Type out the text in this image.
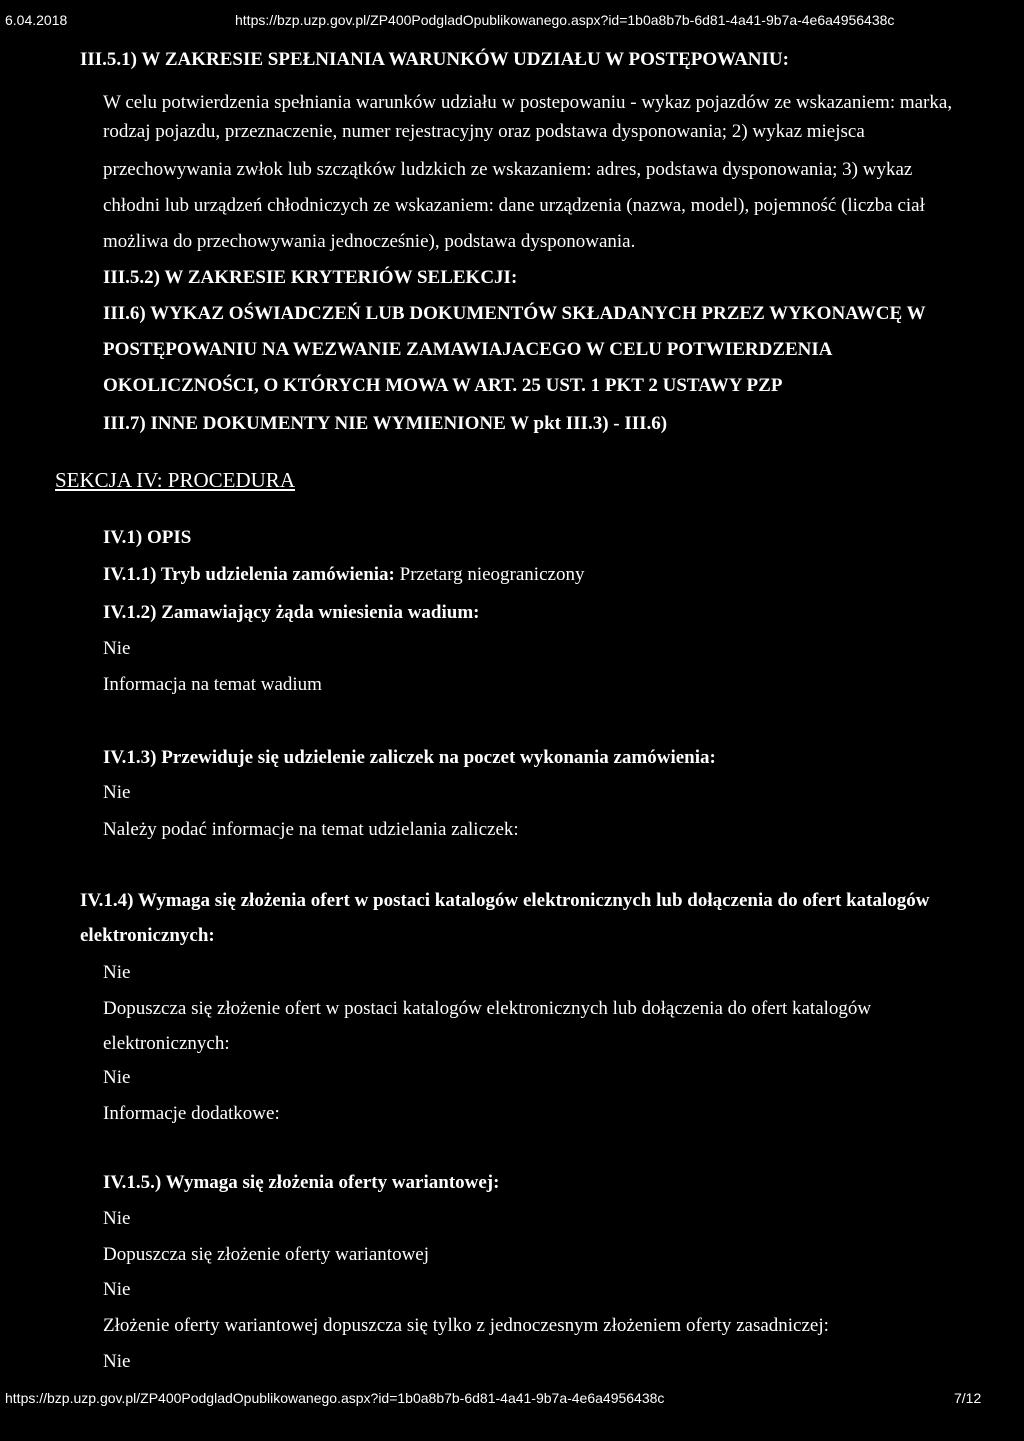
6.04.2018	https://bzp.uzp.gov.pl/ZP400PodgladOpublikowanego.aspx?id=1b0a8b7b-6d81-4a41-9b7a-4e6a4956438c
III.5.1) W ZAKRESIE SPEŁNIANIA WARUNKÓW UDZIAŁU W POSTĘPOWANIU:
W celu potwierdzenia spełniania warunków udziału w postepowaniu - wykaz pojazdów ze wskazaniem: marka,
rodzaj pojazdu, przeznaczenie, numer rejestracyjny oraz podstawa dysponowania; 2) wykaz miejsca
przechowywania zwłok lub szczątków ludzkich ze wskazaniem: adres, podstawa dysponowania; 3) wykaz
chłodni lub urządzeń chłodniczych ze wskazaniem: dane urządzenia (nazwa, model), pojemność (liczba ciał
możliwa do przechowywania jednocześnie), podstawa dysponowania.
III.5.2) W ZAKRESIE KRYTERIÓW SELEKCJI:
III.6) WYKAZ OŚWIADCZEŃ LUB DOKUMENTÓW SKŁADANYCH PRZEZ WYKONAWCĘ W
POSTĘPOWANIU NA WEZWANIE ZAMAWIAJACEGO W CELU POTWIERDZENIA
OKOLICZNOŚCI, O KTÓRYCH MOWA W ART. 25 UST. 1 PKT 2 USTAWY PZP
III.7) INNE DOKUMENTY NIE WYMIENIONE W pkt III.3) - III.6)
SEKCJA IV: PROCEDURA
IV.1) OPIS
IV.1.1) Tryb udzielenia zamówienia: Przetarg nieograniczony
IV.1.2) Zamawiający żąda wniesienia wadium:
Nie
Informacja na temat wadium
IV.1.3) Przewiduje się udzielenie zaliczek na poczet wykonania zamówienia:
Nie
Należy podać informacje na temat udzielania zaliczek:
IV.1.4) Wymaga się złożenia ofert w postaci katalogów elektronicznych lub dołączenia do ofert katalogów
elektronicznych:
Nie
Dopuszcza się złożenie ofert w postaci katalogów elektronicznych lub dołączenia do ofert katalogów
elektronicznych:
Nie
Informacje dodatkowe:
IV.1.5.) Wymaga się złożenia oferty wariantowej:
Nie
Dopuszcza się złożenie oferty wariantowej
Nie
Złożenie oferty wariantowej dopuszcza się tylko z jednoczesnym złożeniem oferty zasadniczej:
Nie
https://bzp.uzp.gov.pl/ZP400PodgladOpublikowanego.aspx?id=1b0a8b7b-6d81-4a41-9b7a-4e6a4956438c	7/12
